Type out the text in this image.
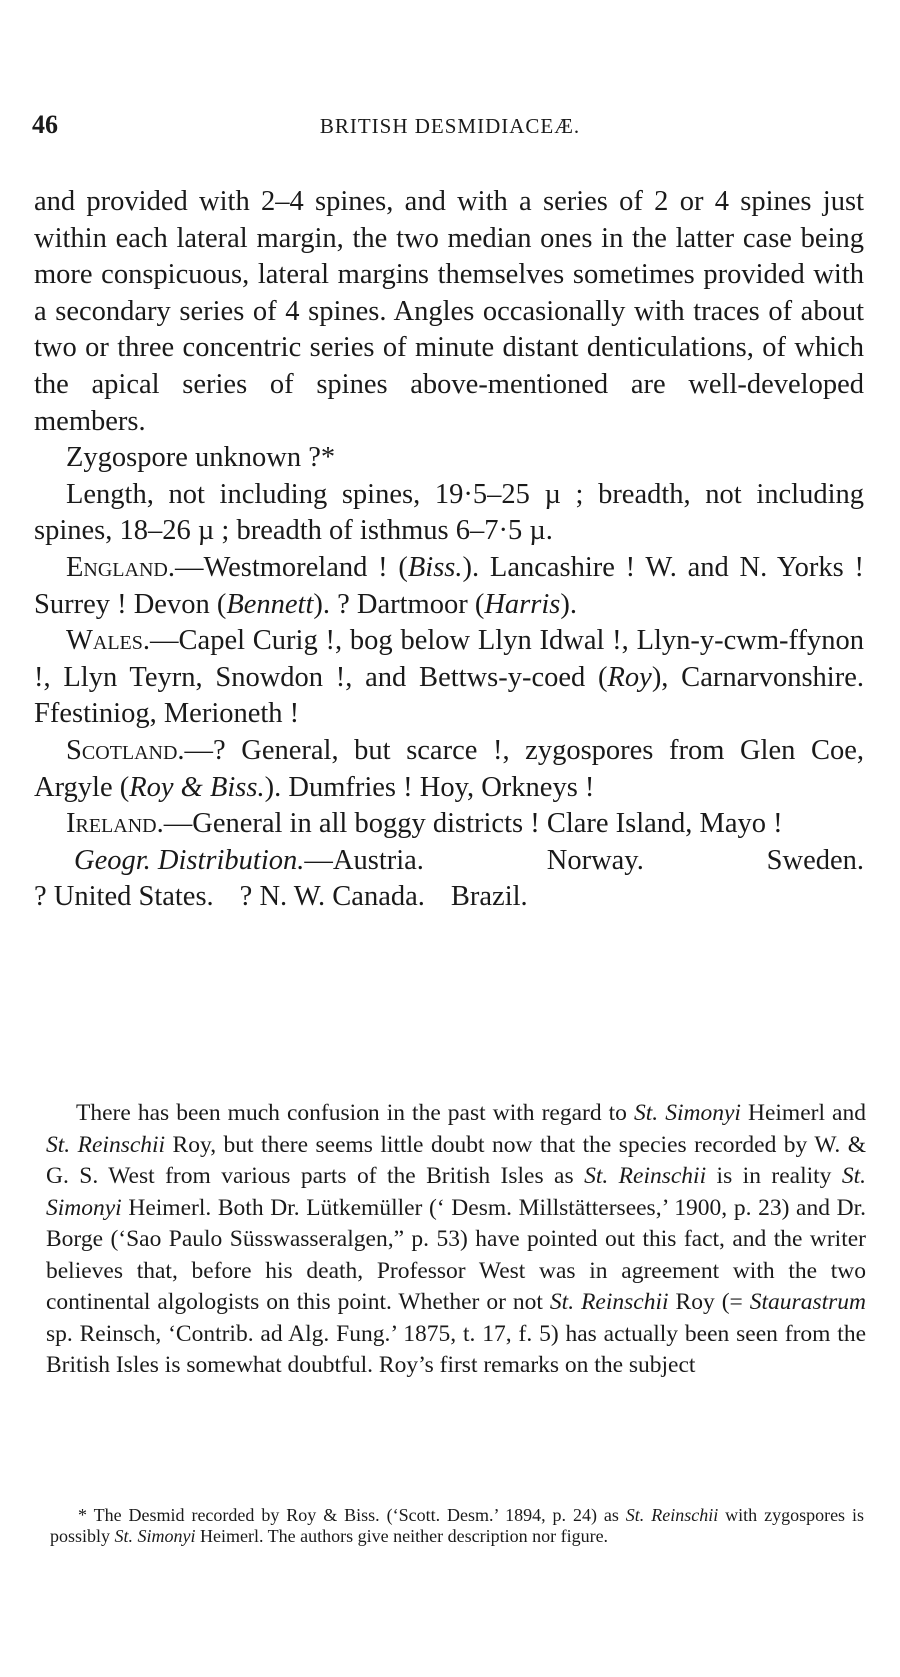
46	BRITISH DESMIDIACEÆ.

and provided with 2–4 spines, and with a series of 2 or 4 spines just within each lateral margin, the two median ones in the latter case being more conspicuous, lateral margins themselves sometimes provided with a secondary series of 4 spines. Angles occasionally with traces of about two or three concentric series of minute distant denticulations, of which the apical series of spines above-mentioned are well-developed members.

Zygospore unknown ?*

Length, not including spines, 19·5–25 µ ; breadth, not including spines, 18–26 µ ; breadth of isthmus 6–7·5 µ.

England.—Westmoreland ! (Biss.). Lancashire ! W. and N. Yorks ! Surrey ! Devon (Bennett). ? Dartmoor (Harris).

Wales.—Capel Curig !, bog below Llyn Idwal !, Llyn-y-cwm-ffynon !, Llyn Teyrn, Snowdon !, and Bettws-y-coed (Roy), Carnarvonshire. Ffestiniog, Merioneth !

Scotland.—? General, but scarce !, zygospores from Glen Coe, Argyle (Roy & Biss.). Dumfries ! Hoy, Orkneys !

Ireland.—General in all boggy districts ! Clare Island, Mayo !

Geogr. Distribution.—Austria.	Norway.	Sweden.

? United States. ? N. W. Canada. Brazil.

There has been much confusion in the past with regard to St. Simonyi Heimerl and St. Reinschii Roy, but there seems little doubt now that the species recorded by W. & G. S. West from various parts of the British Isles as St. Reinschii is in reality St. Simonyi Heimerl. Both Dr. Lütkemüller (‘ Desm. Millstättersees,’ 1900, p. 23) and Dr. Borge (‘Sao Paulo Süsswasseralgen,” p. 53) have pointed out this fact, and the writer believes that, before his death, Professor West was in agreement with the two continental algologists on this point. Whether or not St. Reinschii Roy (= Staurastrum sp. Reinsch, ‘Contrib. ad Alg. Fung.’ 1875, t. 17, f. 5) has actually been seen from the British Isles is somewhat doubtful. Roy’s first remarks on the subject

* The Desmid recorded by Roy & Biss. (‘Scott. Desm.’ 1894, p. 24) as St. Reinschii with zygospores is possibly St. Simonyi Heimerl. The authors give neither description nor figure.
